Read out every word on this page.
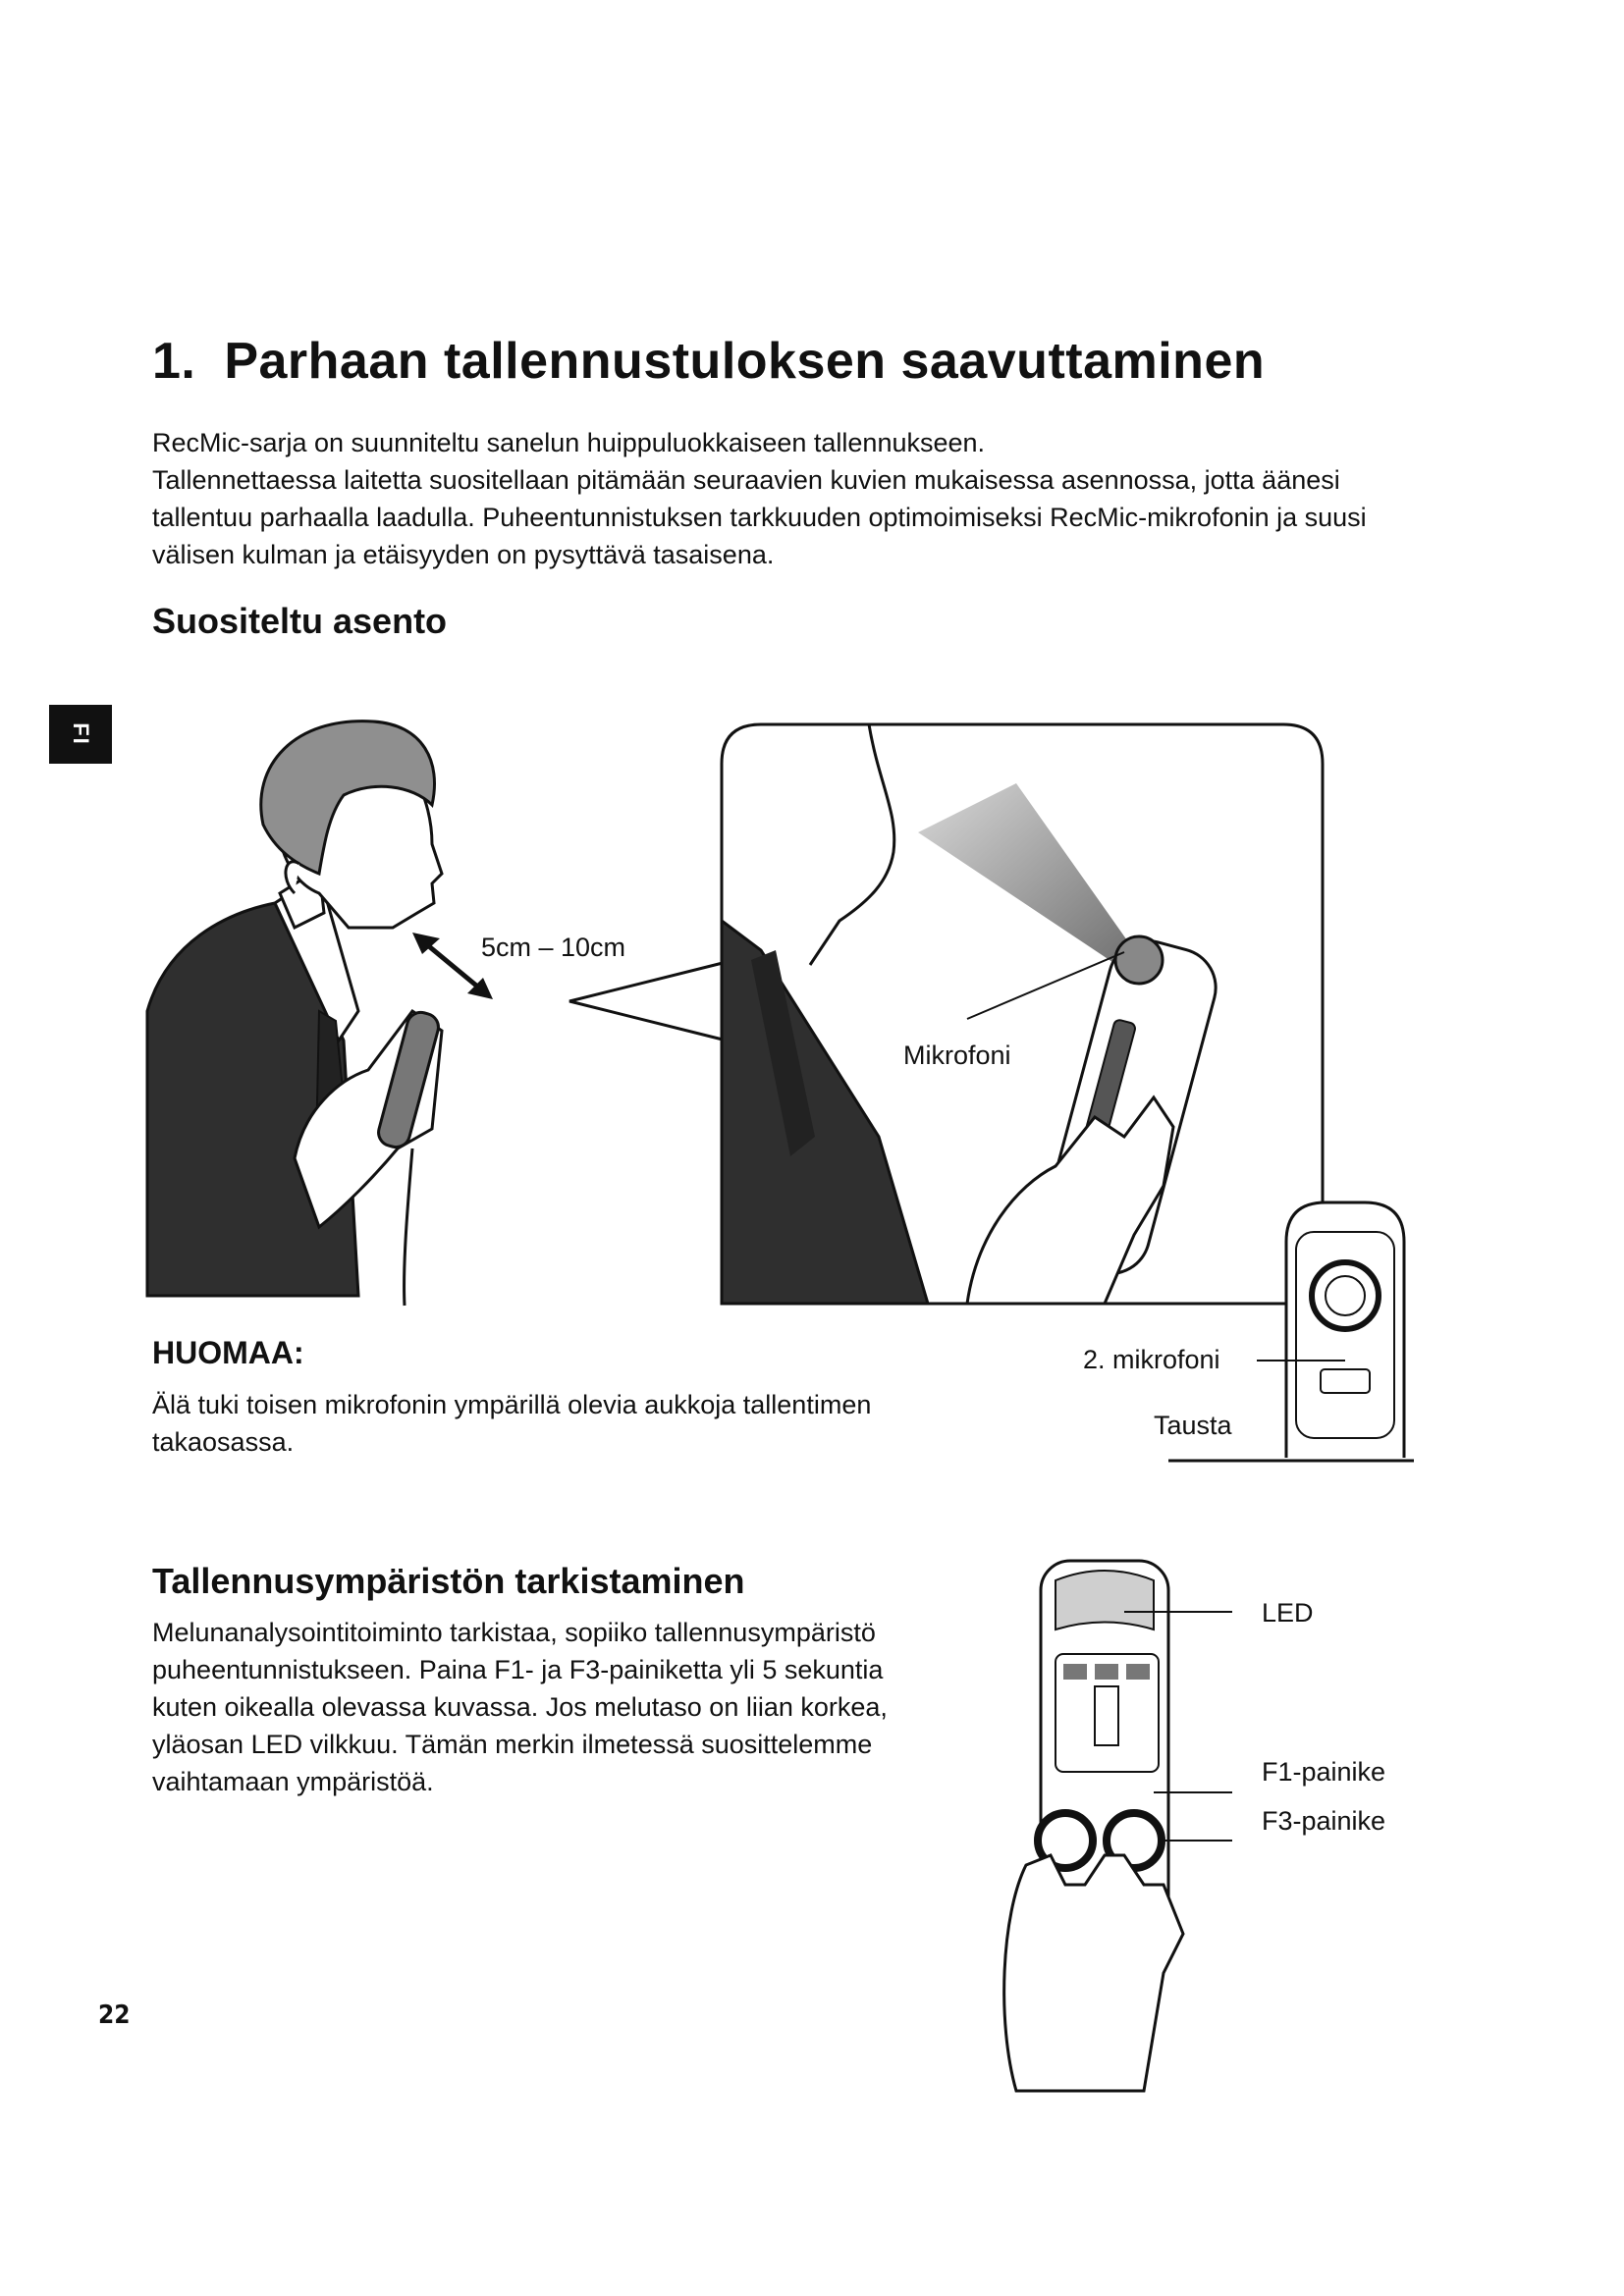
1. Parhaan tallennustuloksen saavuttaminen

RecMic-sarja on suunniteltu sanelun huippuluokkaiseen tallennukseen.

Tallennettaessa laitetta suositellaan pitämään seuraavien kuvien mukaisessa asennossa, jotta äänesi tallentuu parhaalla laadulla. Puheentunnistuksen tarkkuuden optimoimiseksi RecMic-mikrofonin ja suusi välisen kulman ja etäisyyden on pysyttävä tasaisena.

Suositeltu asento
FI
5cm – 10cm
Mikrofoni
2. mikrofoni
Tausta
HUOMAA:
Älä tuki toisen mikrofonin ympärillä olevia aukkoja tallentimen takaosassa.
Tallennusympäristön tarkistaminen
Melunanalysointitoiminto tarkistaa, sopiiko tallennusympäristö puheentunnistukseen. Paina F1- ja F3-painiketta yli 5 sekuntia kuten oikealla olevassa kuvassa. Jos melutaso on liian korkea, yläosan LED vilkkuu. Tämän merkin ilmetessä suosittelemme vaihtamaan ympäristöä.
LED
F1-painike
F3-painike
22
